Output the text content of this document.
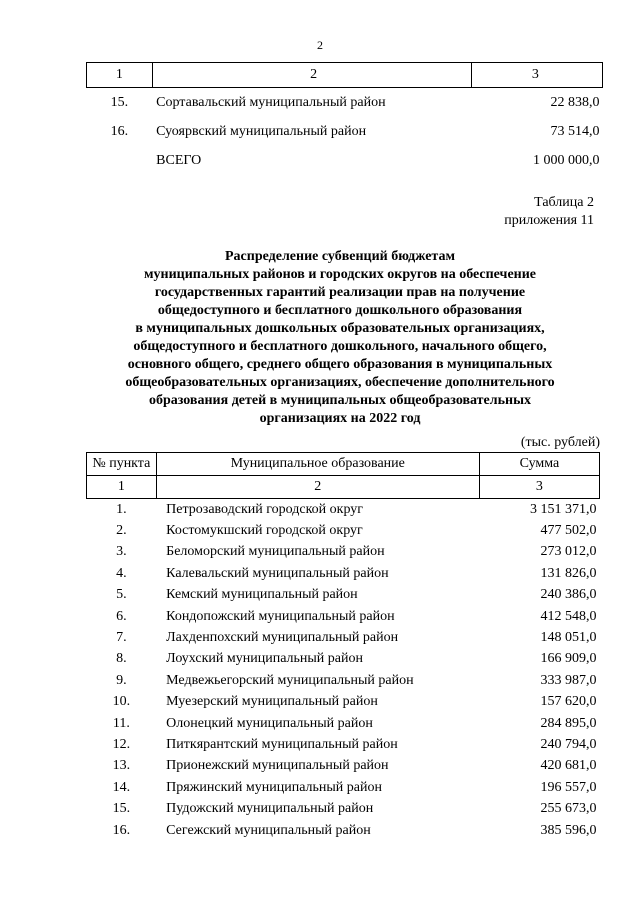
2
1	2	3
15.	Сортавальский муниципальный район	22 838,0
16.	Суоярвский муниципальный район	73 514,0
	ВСЕГО	1 000 000,0
Таблица 2
приложения 11
Распределение субвенций бюджетам
муниципальных районов и городских округов на обеспечение
государственных гарантий реализации прав на получение
общедоступного и бесплатного дошкольного образования
в муниципальных дошкольных образовательных организациях,
общедоступного и бесплатного дошкольного, начального общего,
основного общего, среднего общего образования в муниципальных
общеобразовательных организациях, обеспечение дополнительного
образования детей в муниципальных общеобразовательных
организациях на 2022 год
(тыс. рублей)
№ пункта	Муниципальное образование	Сумма
1	2	3
1.	Петрозаводский городской округ	3 151 371,0
2.	Костомукшский городской округ	477 502,0
3.	Беломорский муниципальный район	273 012,0
4.	Калевальский муниципальный район	131 826,0
5.	Кемский муниципальный район	240 386,0
6.	Кондопожский муниципальный район	412 548,0
7.	Лахденпохский муниципальный район	148 051,0
8.	Лоухский муниципальный район	166 909,0
9.	Медвежьегорский муниципальный район	333 987,0
10.	Муезерский муниципальный район	157 620,0
11.	Олонецкий муниципальный район	284 895,0
12.	Питкярантский муниципальный район	240 794,0
13.	Прионежский муниципальный район	420 681,0
14.	Пряжинский муниципальный район	196 557,0
15.	Пудожский муниципальный район	255 673,0
16.	Сегежский муниципальный район	385 596,0
